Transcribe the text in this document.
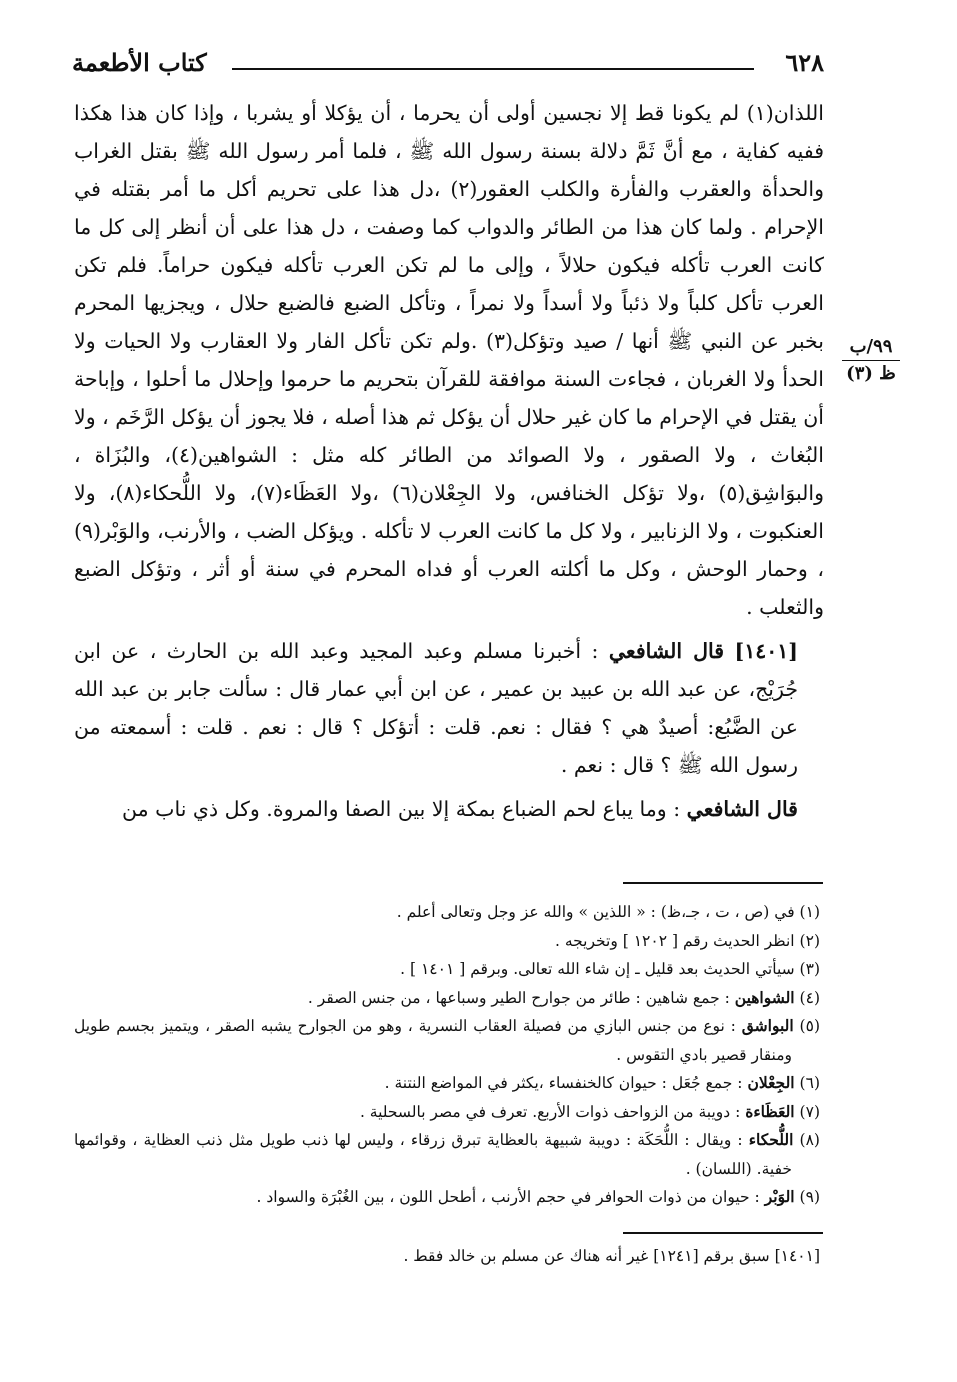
٦٢٨
كتاب الأطعمة
٩٩/ب
ظ (٣)

اللذان(١) لم يكونا قط إلا نجسين أولى أن يحرما ، أن يؤكلا أو يشربا ، وإذا كان هذا هكذا ففيه كفاية ، مع أنَّ ثَمَّ دلالة بسنة رسول الله ﷺ ، فلما أمر رسول الله ﷺ بقتل الغراب والحدأة والعقرب والفأرة والكلب العقور(٢) ،دل هذا على تحريم أكل ما أمر بقتله في الإحرام . ولما كان هذا من الطائر والدواب كما وصفت ، دل هذا على أن أنظر إلى كل ما كانت العرب تأكله فيكون حلالاً ، وإلى ما لم تكن العرب تأكله فيكون حراماً. فلم تكن العرب تأكل كلباً ولا ذئباً ولا أسداً ولا نمراً ، وتأكل الضبع فالضبع حلال ، ويجزيها المحرم بخبر عن النبي ﷺ أنها / صيد وتؤكل(٣) .ولم تكن تأكل الفار ولا العقارب ولا الحيات ولا الحدأ ولا الغربان ، فجاءت السنة موافقة للقرآن بتحريم ما حرموا وإحلال ما أحلوا ، وإباحة أن يقتل في الإحرام ما كان غير حلال أن يؤكل ثم هذا أصله ، فلا يجوز أن يؤكل الرَّخَم ، ولا البُغاث ، ولا الصقور ، ولا الصوائد من الطائر كله مثل : الشواهين(٤)، والبُزَاة ، والبوَاشِق(٥) ،ولا تؤكل الخنافس، ولا الجِعْلان(٦) ،ولا العَظَاء(٧)، ولا اللُّحكاء(٨)، ولا العنكبوت ، ولا الزنابير ، ولا كل ما كانت العرب لا تأكله . ويؤكل الضب ، والأرنب، والوَبْر(٩) ، وحمار الوحش ، وكل ما أكلته العرب أو فداه المحرم في سنة أو أثر ، وتؤكل الضبع والثعلب .

[١٤٠١] قال الشافعي : أخبرنا مسلم وعبد المجيد وعبد الله بن الحارث ، عن ابن جُرَيْج، عن عبد الله بن عبيد بن عمير ، عن ابن أبي عمار قال : سألت جابر بن عبد الله عن الضَّبُع: أصيدٌ هي ؟ فقال : نعم. قلت : أتؤكل ؟ قال : نعم . قلت : أسمعته من رسول الله ﷺ ؟ قال : نعم .

قال الشافعي : وما يباع لحم الضباع بمكة إلا بين الصفا والمروة. وكل ذي ناب من

(١) في (ص ، ت ، جـ،ظ) : « اللذين » والله عز وجل وتعالى أعلم .

(٢) انظر الحديث رقم [ ١٢٠٢ ] وتخريجه .

(٣) سيأتي الحديث بعد قليل ـ إن شاء الله تعالى. وبرقم [ ١٤٠١ ] .

(٤) الشواهين : جمع شاهين : طائر من جوارح الطير وسباعها ، من جنس الصقر .

(٥) البواشق : نوع من جنس البازي من فصيلة العقاب النسرية ، وهو من الجوارح يشبه الصقر ، ويتميز بجسم طويل ومنقار قصير بادي التقوس .

(٦) الجِعْلان : جمع جُعَل : حيوان كالخنفساء ،يكثر في المواضع النتنة .

(٧) العَظَاءة : دويبة من الزواحف ذوات الأربع. تعرف في مصر بالسحلية .

(٨) اللُّحكاء : ويقال : اللُّحَكَة : دويبة شبيهة بالعظاية تبرق زرقاء ، وليس لها ذنب طويل مثل ذنب العظاية ، وقوائمها خفية. (اللسان) .

(٩) الوَبْر : حيوان من ذوات الحوافر في حجم الأرنب ، أطحل اللون ، بين الغُبْرَة والسواد .

[١٤٠١] سبق برقم [١٢٤١] غير أنه هناك عن مسلم بن خالد فقط .
